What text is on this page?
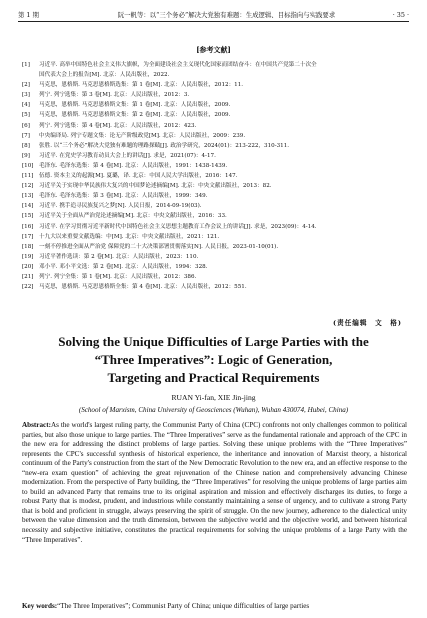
第 1 期	阮一帆等：以“三个务必”解决大党独有难题：生成逻辑、目标指向与实践要求	· 35 ·
[参考文献]
[1] 习近平. 高举中国特色社会主义伟大旗帜，为全面建设社会主义现代化国家而团结奋斗：在中国共产党第二十次全
国代表大会上的报告[M]. 北京：人民出版社，2022.
[2] 马克思，恩格斯. 马克思恩格斯选集：第 1 卷[M]. 北京：人民出版社，2012：11.
[3] 列宁. 列宁选集：第 3 卷[M]. 北京：人民出版社，2012：3.
[4] 马克思，恩格斯. 马克思恩格斯文集：第 1 卷[M]. 北京：人民出版社，2009.
[5] 马克思，恩格斯. 马克思恩格斯文集：第 2 卷[M]. 北京：人民出版社，2009.
[6] 列宁. 列宁选集：第 4 卷[M]. 北京：人民出版社，2012：423.
[7] 中央编译局. 列宁专题文集：论无产阶级政党[M]. 北京：人民出版社，2009：239.
[8] 张胜. 以“三个务必”解决大党独有难题的理路探赜[J]. 政治学研究，2024(01)：213-222，310-311.
[9] 习近平. 在党史学习教育动员大会上的讲话[J]. 求是，2021(07)：4-17.
[10] 毛泽东. 毛泽东选集：第 4 卷[M]. 北京：人民出版社，1991：1438-1439.
[11] 伍德. 资本主义的起源[M]. 夏璐，译. 北京：中国人民大学出版社，2016：147.
[12] 习近平关于实现中华民族伟大复兴的中国梦论述摘编[M]. 北京：中央文献出版社，2013：82.
[13] 毛泽东. 毛泽东选集：第 3 卷[M]. 北京：人民出版社，1999：349.
[14] 习近平. 携手追寻民族复兴之梦[N]. 人民日报，2014-09-19(03).
[15] 习近平关于全面从严治党论述摘编[M]. 北京：中央文献出版社，2016：33.
[16] 习近平. 在学习贯彻习近平新时代中国特色社会主义思想主题教育工作会议上的讲话[J]. 求是，2023(09)：4-14.
[17] 十九大以来重要文献选编：中[M]. 北京：中央文献出版社，2021：121.
[18] 一刻不停推进全面从严治党 保障党的二十大决策部署贯彻落实[N]. 人民日报，2023-01-10(01).
[19] 习近平著作选读：第 2 卷[M]. 北京：人民出版社，2023：110.
[20] 邓小平. 邓小平文选：第 2 卷[M]. 北京：人民出版社，1994：328.
[21] 列宁. 列宁全集：第 1 卷[M]. 北京：人民出版社，2012：386.
[22] 马克思，恩格斯. 马克思恩格斯全集：第 4 卷[M]. 北京：人民出版社，2012：551.
(责任编辑　文　格)
Solving the Unique Difficulties of Large Parties with the
“Three Imperatives”: Logic of Generation,
Targeting and Practical Requirements
RUAN Yi-fan, XIE Jin-jing
(School of Marxism, China University of Geosciences (Wuhan), Wuhan 430074, Hubei, China)

Abstract:As the world's largest ruling party, the Communist Party of China (CPC) confronts not only challenges common to political parties, but also those unique to large parties. The “Three Imperatives” serve as the fundamental rationale and approach of the CPC in the new era for addressing the distinct problems of large parties. Solving these unique problems with the “Three Imperatives” represents the CPC's successful synthesis of historical experience, the inheritance and innovation of Marxist theory, a historical continuum of the Party's construction from the start of the New Democratic Revolution to the new era, and an effective response to the “new-era exam question” of achieving the great rejuvenation of the Chinese nation and comprehensively advancing Chinese modernization. From the perspective of Party building, the “Three Imperatives” for resolving the unique problems of large parties aim to build an advanced Party that remains true to its original aspiration and mission and effectively discharges its duties, to forge a robust Party that is modest, prudent, and industrious while constantly maintaining a sense of urgency, and to cultivate a strong Party that is bold and proficient in struggle, always preserving the spirit of struggle. On the new journey, adherence to the dialectical unity between the value dimension and the truth dimension, between the subjective world and the objective world, and between historical necessity and subjective initiative, constitutes the practical requirements for solving the unique problems of a large Party with the “Three Imperatives”.

Key words:“The Three Imperatives”; Communist Party of China; unique difficulties of large parties
